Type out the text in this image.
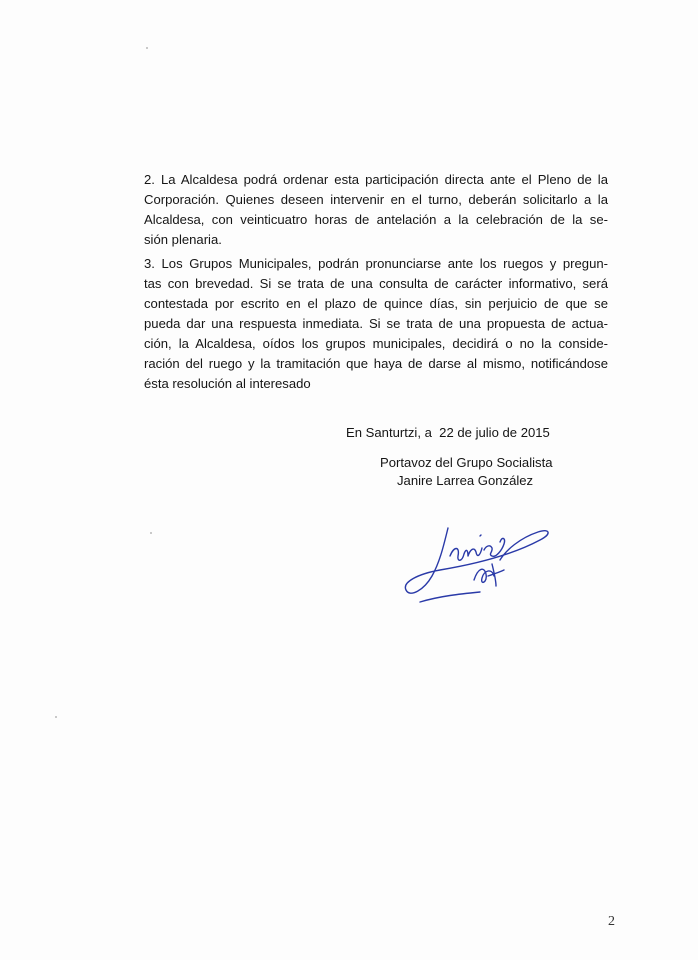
2. La Alcaldesa podrá ordenar esta participación directa ante el Pleno de la
Corporación. Quienes deseen intervenir en el turno, deberán solicitarlo a la
Alcaldesa, con veinticuatro horas de antelación a la celebración de la se-
sión plenaria.
3. Los Grupos Municipales, podrán pronunciarse ante los ruegos y pregun-
tas con brevedad. Si se trata de una consulta de carácter informativo, será
contestada por escrito en el plazo de quince días, sin perjuicio de que se
pueda dar una respuesta inmediata. Si se trata de una propuesta de actua-
ción, la Alcaldesa, oídos los grupos municipales, decidirá o no la conside-
ración del ruego y la tramitación que haya de darse al mismo, notificándose
ésta resolución al interesado
En Santurtzi, a  22 de julio de 2015
Portavoz del Grupo Socialista
Janire Larrea González
2
